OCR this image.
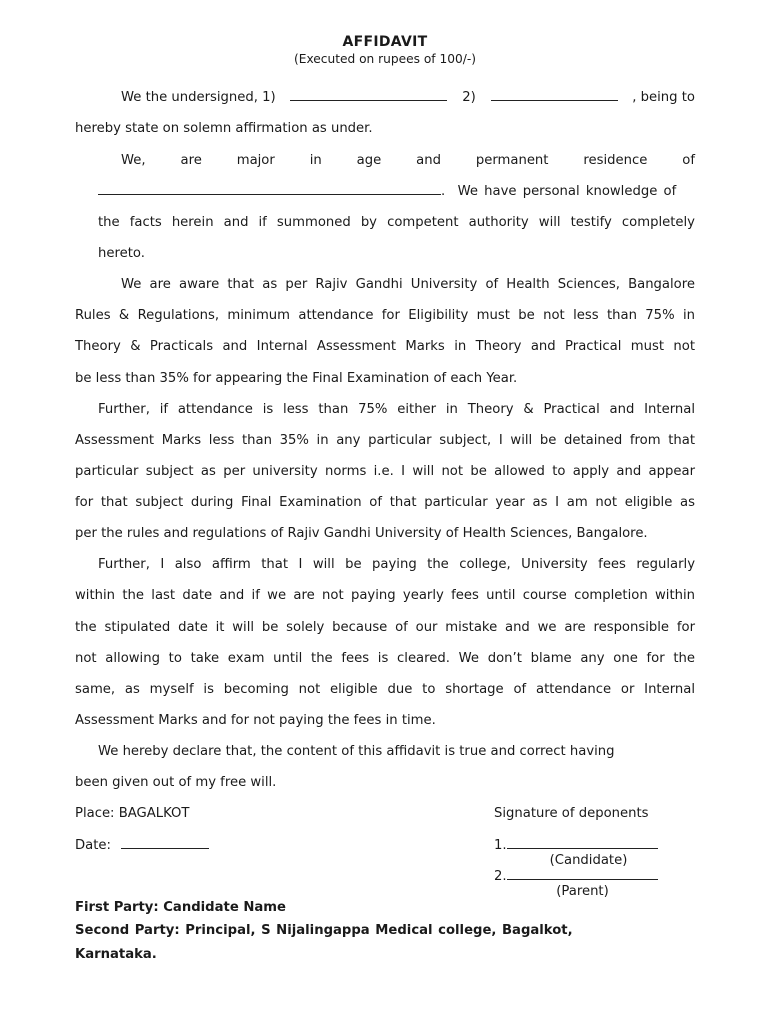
AFFIDAVIT
(Executed on rupees of 100/-)
We the undersigned, 1)	2)	, being to
hereby state on solemn affirmation as under.
We,	are	major	in	age	and	permanent	residence	of
.  We have personal knowledge of
the facts herein and if summoned by competent authority will testify completely
hereto.
We are aware that as per Rajiv Gandhi University of Health Sciences, Bangalore
Rules & Regulations, minimum attendance for Eligibility must be not less than 75% in
Theory & Practicals and Internal Assessment Marks in Theory and Practical must not
be less than 35% for appearing the Final Examination of each Year.
Further, if attendance is less than 75% either in Theory & Practical and Internal
Assessment Marks less than 35% in any particular subject, I will be detained from that
particular subject as per university norms i.e. I will not be allowed to apply and appear
for that subject during Final Examination of that particular year as I am not eligible as
per the rules and regulations of Rajiv Gandhi University of Health Sciences, Bangalore.
Further, I also affirm that I will be paying the college, University fees regularly
within the last date and if we are not paying yearly fees until course completion within
the stipulated date it will be solely because of our mistake and we are responsible for
not allowing to take exam until the fees is cleared. We don’t blame any one for the
same, as myself is becoming not eligible due to shortage of attendance or Internal
Assessment Marks and for not paying the fees in time.
We hereby declare that, the content of this affidavit is true and correct having
been given out of my free will.
Place: BAGALKOT	Signature of deponents
Date:	1.
(Candidate)
2.
(Parent)
First Party: Candidate Name
Second Party: Principal, S Nijalingappa Medical college, Bagalkot,
Karnataka.
